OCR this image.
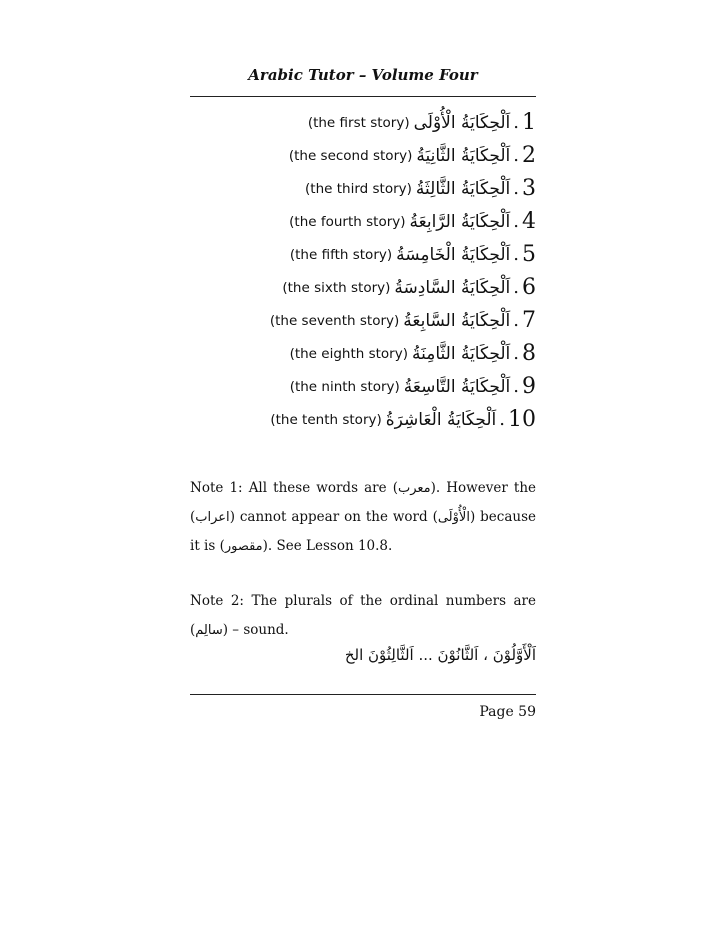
Arabic Tutor – Volume Four
(the first story) اَلْحِكَايَةُ الْأُوْلَى . 1
(the second story) اَلْحِكَايَةُ الثَّانِيَةُ . 2
(the third story) اَلْحِكَايَةُ الثَّالِثَةُ . 3
(the fourth story) اَلْحِكَايَةُ الرَّابِعَةُ . 4
(the fifth story) اَلْحِكَايَةُ الْخَامِسَةُ . 5
(the sixth story) اَلْحِكَايَةُ السَّادِسَةُ . 6
(the seventh story) اَلْحِكَايَةُ السَّابِعَةُ . 7
(the eighth story) اَلْحِكَايَةُ الثَّامِنَةُ . 8
(the ninth story) اَلْحِكَايَةُ التَّاسِعَةُ . 9
(the tenth story) اَلْحِكَايَةُ الْعَاشِرَةُ . 10
Note 1: All these words are (معرب). However the (اعراب) cannot appear on the word (الْأُوْلَى) because it is (مقصور). See Lesson 10.8.
Note 2: The plurals of the ordinal numbers are (سالِم) – sound.
اَلْأَوَّلُوْنَ ، اَلثَّانُوْنَ ... اَلثَّالِثُوْنَ الخ
Page 59
